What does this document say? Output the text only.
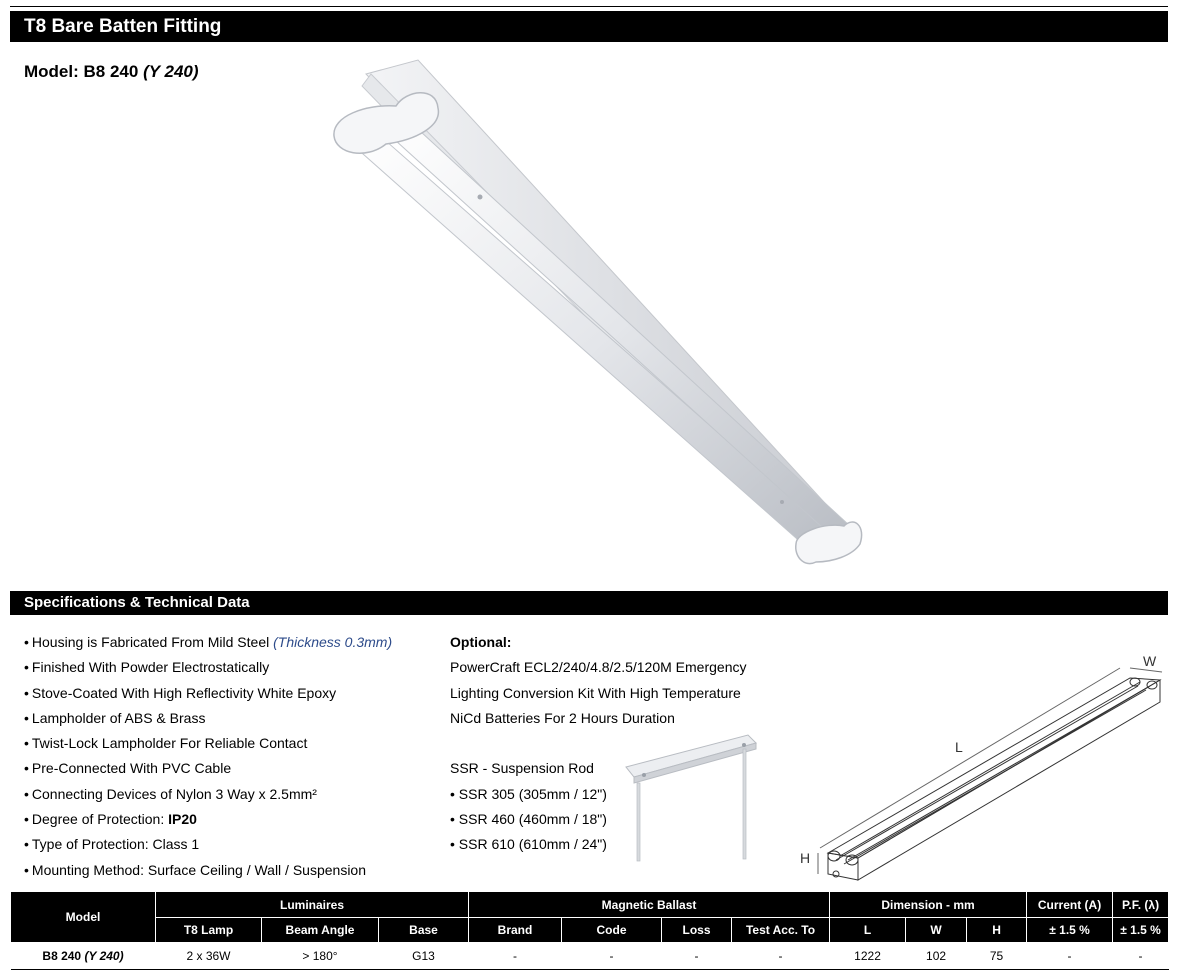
T8 Bare Batten Fitting
Model: B8 240 (Y 240)
Specifications & Technical Data
• Housing is Fabricated From Mild Steel (Thickness 0.3mm)
• Finished With Powder Electrostatically
• Stove-Coated With High Reflectivity White Epoxy
• Lampholder of ABS & Brass
• Twist-Lock Lampholder For Reliable Contact
• Pre-Connected With PVC Cable
• Connecting Devices of Nylon 3 Way x 2.5mm²
• Degree of Protection: IP20
• Type of Protection: Class 1
• Mounting Method: Surface Ceiling / Wall / Suspension
Optional:
PowerCraft ECL2/240/4.8/2.5/120M Emergency
Lighting Conversion Kit With High Temperature
NiCd Batteries For 2 Hours Duration
SSR - Suspension Rod
• SSR 305 (305mm / 12")
• SSR 460 (460mm / 18")
• SSR 610 (610mm / 24")
L
W
H
Model	Luminaires			Magnetic Ballast				Dimension - mm			Current (A)	P.F. (λ)
	T8 Lamp	Beam Angle	Base	Brand	Code	Loss	Test Acc. To	L	W	H	± 1.5 %	± 1.5 %
B8 240 (Y 240)	2 x 36W	> 180°	G13	-	-	-	-	1222	102	75	-	-
